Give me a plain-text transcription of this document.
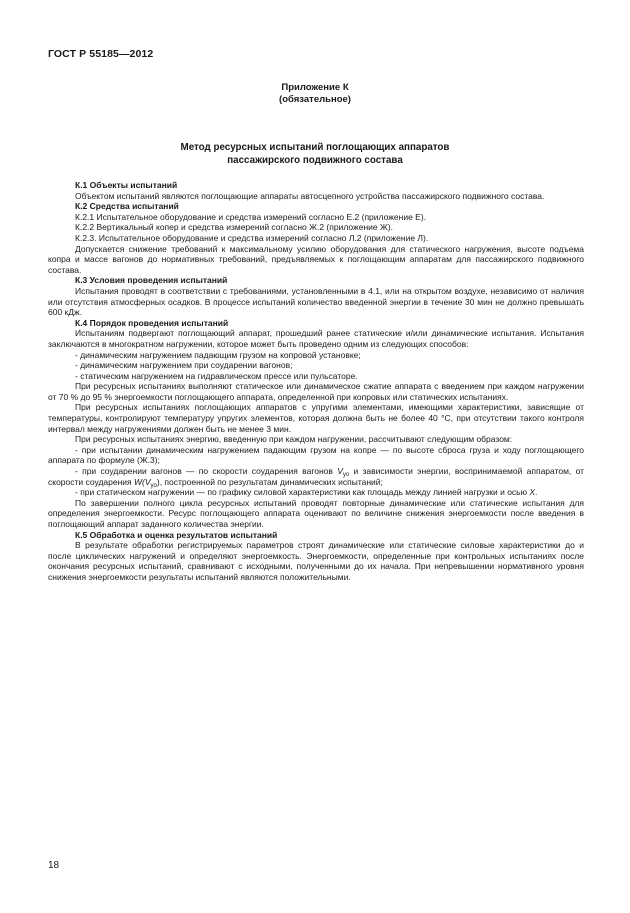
ГОСТ Р 55185—2012
Приложение К
(обязательное)
Метод ресурсных испытаний поглощающих аппаратов
пассажирского подвижного состава

К.1 Объекты испытаний

Объектом испытаний являются поглощающие аппараты автосцепного устройства пассажирского подвижного состава.

К.2 Средства испытаний

К.2.1 Испытательное оборудование и средства измерений согласно Е.2 (приложение Е).

К.2.2 Вертикальный копер и средства измерений согласно Ж.2 (приложение Ж).

К.2.3. Испытательное оборудование и средства измерений согласно Л.2 (приложение Л).

Допускается снижение требований к максимальному усилию оборудования для статического нагружения, высоте подъема копра и массе вагонов до нормативных требований, предъявляемых к поглощающим аппаратам для пассажирского подвижного состава.

К.3 Условия проведения испытаний

Испытания проводят в соответствии с требованиями, установленными в 4.1, или на открытом воздухе, независимо от наличия или отсутствия атмосферных осадков. В процессе испытаний количество введенной энергии в течение 30 мин не должно превышать 600 кДж.

К.4 Порядок проведения испытаний

Испытаниям подвергают поглощающий аппарат, прошедший ранее статические и/или динамические испытания. Испытания заключаются в многократном нагружении, которое может быть проведено одним из следующих способов:

- динамическим нагружением падающим грузом на копровой установке;

- динамическим нагружением при соударении вагонов;

- статическим нагружением на гидравлическом прессе или пульсаторе.

При ресурсных испытаниях выполняют статическое или динамическое сжатие аппарата с введением при каждом нагружении от 70 % до 95 % энергоемкости поглощающего аппарата, определенной при копровых или статических испытаниях.

При ресурсных испытаниях поглощающих аппаратов с упругими элементами, имеющими характеристики, зависящие от температуры, контролируют температуру упругих элементов, которая должна быть не более 40 °С, при отсутствии такого контроля интервал между нагружениями должен быть не менее 3 мин.

При ресурсных испытаниях энергию, введенную при каждом нагружении, рассчитывают следующим образом:

- при испытании динамическим нагружением падающим грузом на копре — по высоте сброса груза и ходу поглощающего аппарата по формуле (Ж.3);

- при соударении вагонов — по скорости соударения вагонов $V_{уo}$ и зависимости энергии, воспринимаемой аппаратом, от скорости соударения $W(V_{уo})$, построенной по результатам динамических испытаний;

- при статическом нагружении — по графику силовой характеристики как площадь между линией нагрузки и осью Х.

По завершении полного цикла ресурсных испытаний проводят повторные динамические или статические испытания для определения энергоемкости. Ресурс поглощающего аппарата оценивают по величине снижения энергоемкости после введения в поглощающий аппарат заданного количества энергии.

К.5 Обработка и оценка результатов испытаний

В результате обработки регистрируемых параметров строят динамические или статические силовые характеристики до и после циклических нагружений и определяют энергоемкость. Энергоемкости, определенные при контрольных испытаниях после окончания ресурсных испытаний, сравнивают с исходными, полученными до их начала. При непревышении нормативного уровня снижения энергоемкости результаты испытаний являются положительными.

18
